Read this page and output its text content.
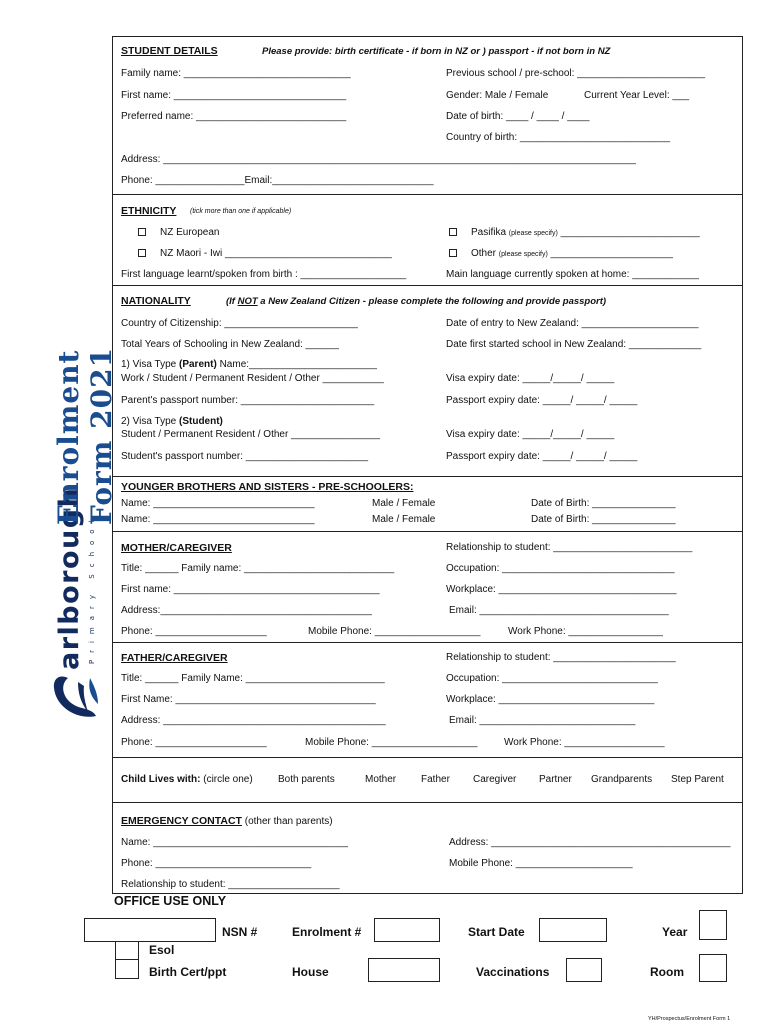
arlborough Primary School
Enrolment Form 2021
STUDENT DETAILS	Please provide: birth certificate - if born in NZ or ) passport - if not born in NZ
Family name: ______________________________	Previous school / pre-school: _______________________
First name: _______________________________	Gender: Male / Female	Current Year Level: ___
Preferred name: ___________________________	Date of birth: ____ / ____ / ____
Country of birth: ___________________________
Address: _____________________________________________________________________________________
Phone: ________________Email:_____________________________
ETHNICITY (tick more than one if applicable)
NZ European	Pasifika (please specify) _________________________
NZ Maori - Iwi ______________________________	Other (please specify) ______________________
First language learnt/spoken from birth : ___________________	Main language currently spoken at home: ____________
NATIONALITY	(If NOT a New Zealand Citizen - please complete the following and provide passport)
Country of Citizenship: ________________________	Date of entry to New Zealand: _____________________
Total Years of Schooling in New Zealand: ______	Date first started school in New Zealand: _____________
1) Visa Type (Parent) Name:_______________________
Work / Student / Permanent Resident / Other ___________	Visa expiry date: _____/_____/ _____
Parent's passport number: ________________________	Passport expiry date: _____/ _____/ _____
2) Visa Type (Student)
Student / Permanent Resident / Other ________________	Visa expiry date: _____/_____/ _____
Student's passport number: ______________________	Passport expiry date: _____/ _____/ _____
YOUNGER BROTHERS AND SISTERS - PRE-SCHOOLERS:
Name: _____________________________	Male / Female	Date of Birth: _______________
Name: _____________________________	Male / Female	Date of Birth: _______________
MOTHER/CAREGIVER	Relationship to student: _________________________
Title: ______ Family name: ___________________________	Occupation: _______________________________
First name: _____________________________________	Workplace: ________________________________
Address:______________________________________	Email: __________________________________
Phone: ____________________	Mobile Phone: ___________________	Work Phone: _________________
FATHER/CAREGIVER	Relationship to student: ______________________
Title: ______ Family Name: _________________________	Occupation: ____________________________
First Name: ____________________________________	Workplace: ____________________________
Address: ________________________________________	Email: ____________________________
Phone: ____________________	Mobile Phone: ___________________	Work Phone: __________________
Child Lives with: (circle one)	Both parents	Mother Father Caregiver Partner Grandparents Step Parent
EMERGENCY CONTACT (other than parents)
Name: ___________________________________	Address: ___________________________________________
Phone: ____________________________	Mobile Phone: _____________________
Relationship to student: ____________________
OFFICE USE ONLY
NSN #	Enrolment #	Start Date	Year
Esol
Birth Cert/ppt	House	Vaccinations	Room
YH/Prospectus/Enrolment Form 1
